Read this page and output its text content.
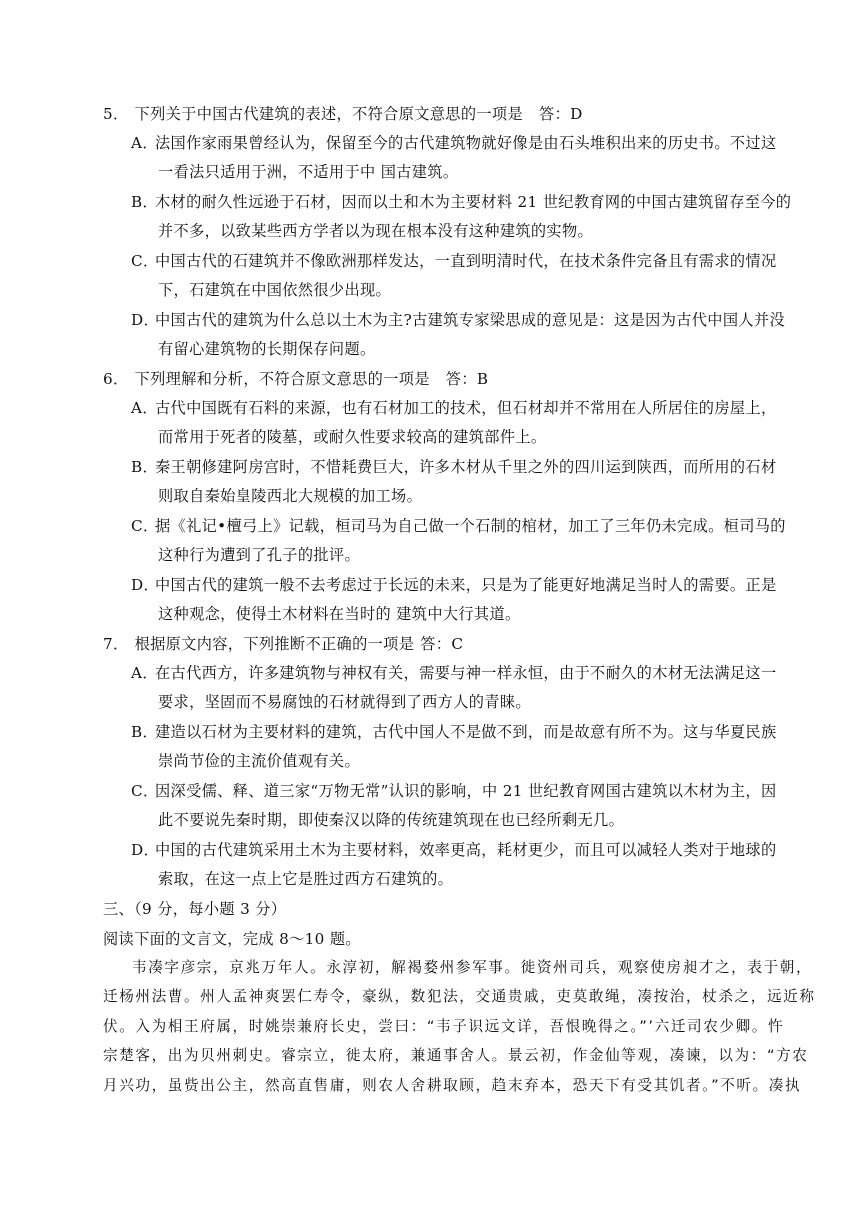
5． 下列关于中国古代建筑的表述，不符合原文意思的一项是 答：D
A．法国作家雨果曾经认为，保留至今的古代建筑物就好像是由石头堆积出来的历史书。不过这
一看法只适用于洲，不适用于中 国古建筑。
B．木材的耐久性远逊于石材，因而以土和木为主要材料 21 世纪教育网的中国古建筑留存至今的
并不多，以致某些西方学者以为现在根本没有这种建筑的实物。
C．中国古代的石建筑并不像欧洲那样发达，一直到明清时代，在技术条件完备且有需求的情况
下，石建筑在中国依然很少出现。
D．中国古代的建筑为什么总以土木为主?古建筑专家梁思成的意见是：这是因为古代中国人并没
有留心建筑物的长期保存问题。
6． 下列理解和分析，不符合原文意思的一项是 答：B
A．古代中国既有石料的来源，也有石材加工的技术，但石材却并不常用在人所居住的房屋上，
而常用于死者的陵墓，或耐久性要求较高的建筑部件上。
B．秦王朝修建阿房宫时，不惜耗费巨大，许多木材从千里之外的四川运到陕西，而所用的石材
则取自秦始皇陵西北大规模的加工场。
C．据《礼记•檀弓上》记载，桓司马为自己做一个石制的棺材，加工了三年仍未完成。桓司马的
这种行为遭到了孔子的批评。
D．中国古代的建筑一般不去考虑过于长远的未来，只是为了能更好地满足当时人的需要。正是
这种观念，使得土木材料在当时的 建筑中大行其道。
7． 根据原文内容，下列推断不正确的一项是 答：C
A．在古代西方，许多建筑物与神权有关，需要与神一样永恒，由于不耐久的木材无法满足这一
要求，坚固而不易腐蚀的石材就得到了西方人的青睐。
B．建造以石材为主要材料的建筑，古代中国人不是做不到，而是故意有所不为。这与华夏民族
崇尚节俭的主流价值观有关。
C．因深受儒、释、道三家“万物无常”认识的影响，中 21 世纪教育网国古建筑以木材为主，因
此不要说先秦时期，即使秦汉以降的传统建筑现在也已经所剩无几。
D．中国的古代建筑采用土木为主要材料，效率更高，耗材更少，而且可以减轻人类对于地球的
索取，在这一点上它是胜过西方石建筑的。
三、（9 分，每小题 3 分）
阅读下面的文言文，完成 8～10 题。
韦凑字彦宗，京兆万年人。永淳初，解褐婺州参军事。徙资州司兵，观察使房昶才之，表于朝，
迁杨州法曹。州人孟神爽罢仁寿令，豪纵，数犯法，交通贵戚，吏莫敢绳，凑按治，杖杀之，远近称
伏。入为相王府属，时姚崇兼府长史，尝曰：“韦子识远文详，吾恨晚得之。”’六迁司农少卿。忤
宗楚客，出为贝州刺史。睿宗立，徙太府，兼通事舍人。景云初，作金仙等观，凑谏，以为：“方农
月兴功，虽赀出公主，然高直售庸，则农人舍耕取顾，趋末弃本，恐天下有受其饥者。”不听。凑执
